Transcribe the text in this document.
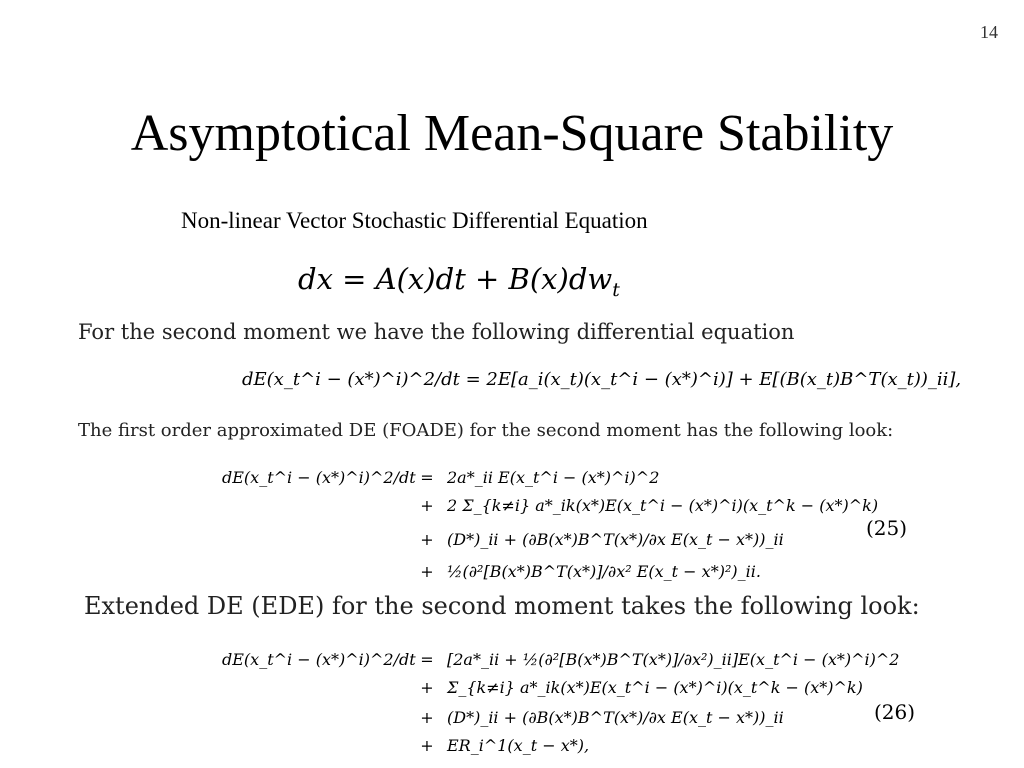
14
Asymptotical Mean-Square Stability
Non-linear Vector Stochastic Differential Equation
dx = $A(x)dt + B(x)dw_t$
For the second moment we have the following differential equation
dE(x_t^i − (x*)^i)^2/dt = 2E[a_i(x_t)(x_t^i − (x*)^i)] + E[(B(x_t)B^T(x_t))_ii],
The first order approximated DE (FOADE) for the second moment has the following look:
dE(x_t^i − (x*)^i)^2/dt = 2a*_ii E(x_t^i − (x*)^i)^2
+ 2 Σ_{k≠i} a*_ik(x*)E(x_t^i − (x*)^i)(x_t^k − (x*)^k)
+ (D*)_ii + (∂B(x*)B^T(x*)/∂x E(x_t − x*))_ii
+ ½(∂²[B(x*)B^T(x*)]/∂x² E(x_t − x*)²)_ii.
(25)
Extended DE (EDE) for the second moment takes the following look:
dE(x_t^i − (x*)^i)^2/dt = [2a*_ii + ½(∂²[B(x*)B^T(x*)]/∂x²)_ii]E(x_t^i − (x*)^i)^2
+ Σ_{k≠i} a*_ik(x*)E(x_t^i − (x*)^i)(x_t^k − (x*)^k)
+ (D*)_ii + (∂B(x*)B^T(x*)/∂x E(x_t − x*))_ii
+ ER_i^1(x_t − x*),
(26)
